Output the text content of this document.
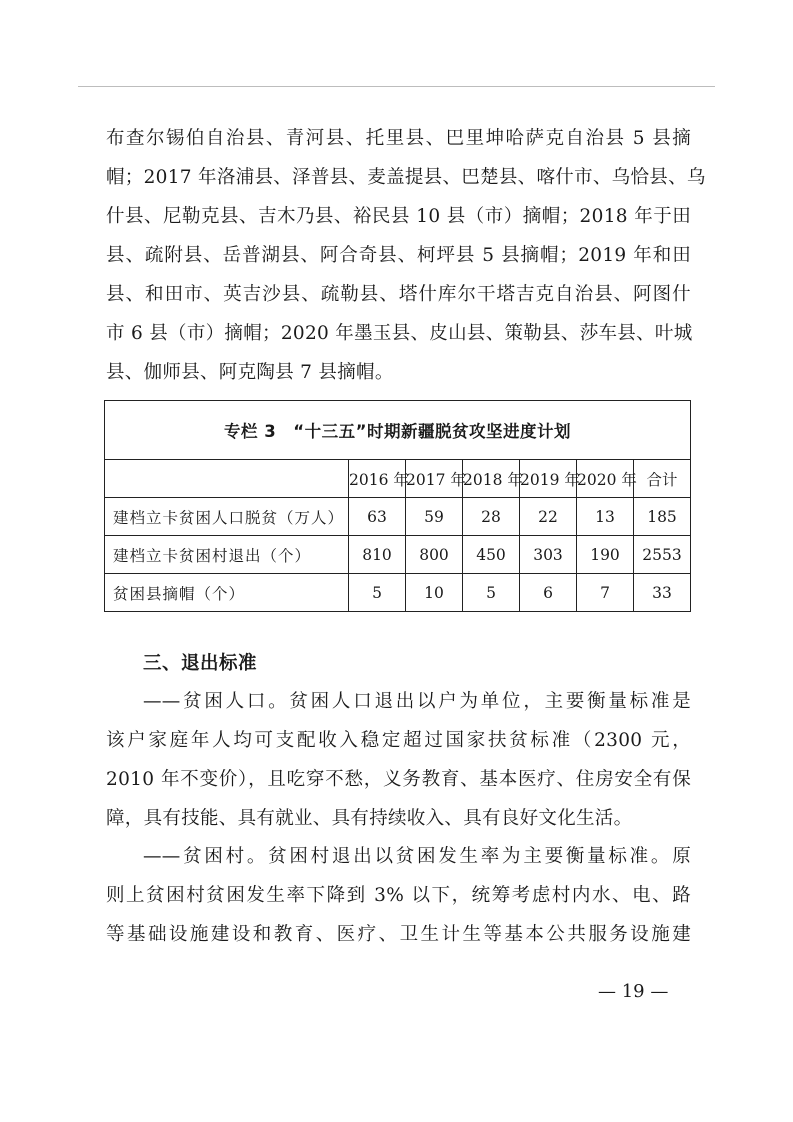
布查尔锡伯自治县、青河县、托里县、巴里坤哈萨克自治县 5 县摘
帽；2017 年洛浦县、泽普县、麦盖提县、巴楚县、喀什市、乌恰县、乌
什县、尼勒克县、吉木乃县、裕民县 10 县（市）摘帽；2018 年于田
县、疏附县、岳普湖县、阿合奇县、柯坪县 5 县摘帽；2019 年和田
县、和田市、英吉沙县、疏勒县、塔什库尔干塔吉克自治县、阿图什
市 6 县（市）摘帽；2020 年墨玉县、皮山县、策勒县、莎车县、叶城
县、伽师县、阿克陶县 7 县摘帽。
专栏 3　“十三五”时期新疆脱贫攻坚进度计划						
	2016 年	2017 年	2018 年	2019 年	2020 年	合计
建档立卡贫困人口脱贫（万人）	63	59	28	22	13	185
建档立卡贫困村退出（个）	810	800	450	303	190	2553
贫困县摘帽（个）	5	10	5	6	7	33
三、退出标准
——贫困人口。贫困人口退出以户为单位，主要衡量标准是
该户家庭年人均可支配收入稳定超过国家扶贫标准（2300 元，
2010 年不变价），且吃穿不愁，义务教育、基本医疗、住房安全有保
障，具有技能、具有就业、具有持续收入、具有良好文化生活。
——贫困村。贫困村退出以贫困发生率为主要衡量标准。原
则上贫困村贫困发生率下降到 3% 以下，统筹考虑村内水、电、路
等基础设施建设和教育、医疗、卫生计生等基本公共服务设施建
— 19 —
